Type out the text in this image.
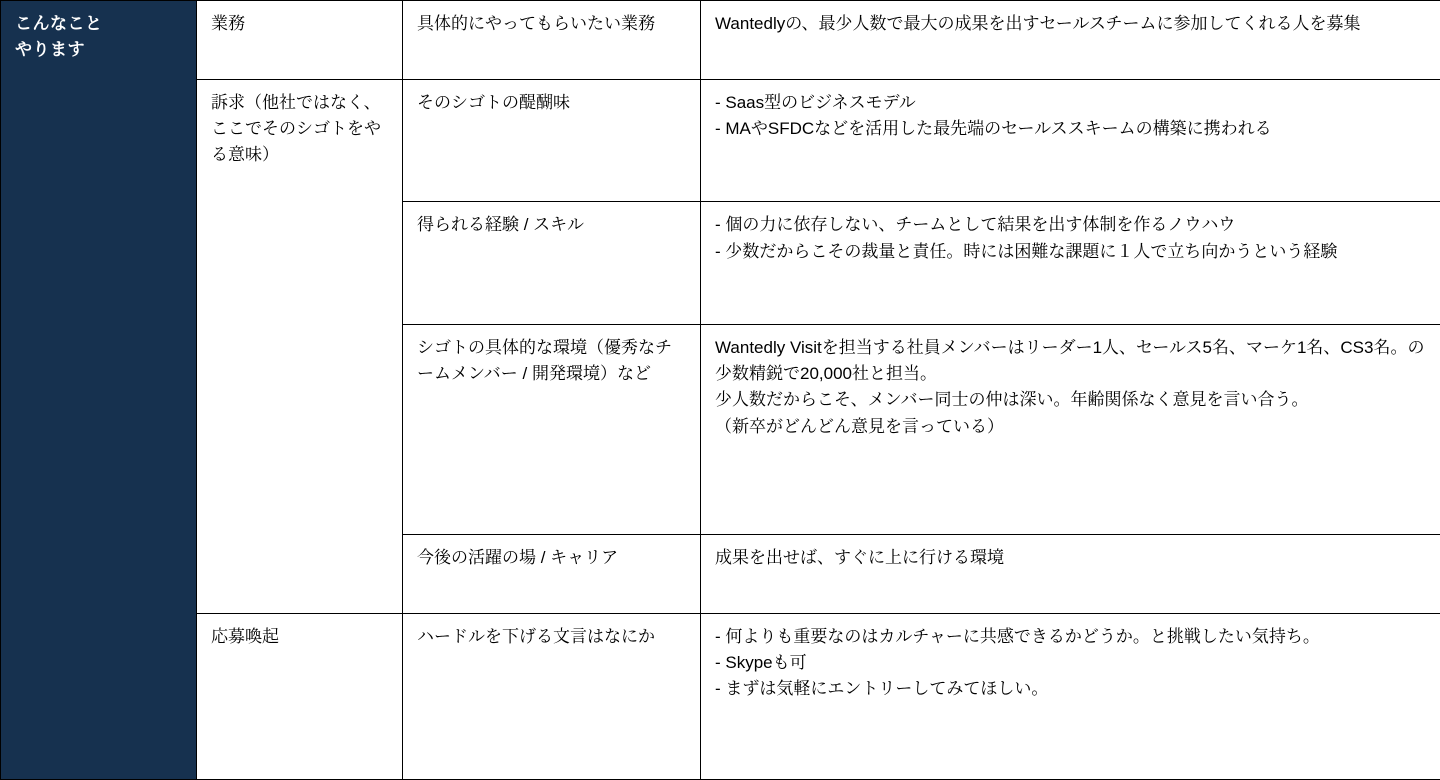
こんなこと
やります	業務	具体的にやってもらいたい業務	Wantedlyの、最少人数で最大の成果を出すセールスチームに参加してくれる人を募集

	訴求（他社ではなく、ここでそのシゴトをやる意味）	そのシゴトの醍醐味	- Saas型のビジネスモデル
- MAやSFDCなどを活用した最先端のセールススキームの構築に携われる

		得られる経験 / スキル	- 個の力に依存しない、チームとして結果を出す体制を作るノウハウ
- 少数だからこその裁量と責任。時には困難な課題に１人で立ち向かうという経験

		シゴトの具体的な環境（優秀なチームメンバー / 開発環境）など	Wantedly Visitを担当する社員メンバーはリーダー1人、セールス5名、マーケ1名、CS3名。の少数精鋭で20,000社と担当。
少人数だからこそ、メンバー同士の仲は深い。年齢関係なく意見を言い合う。
（新卒がどんどん意見を言っている）

		今後の活躍の場 / キャリア	成果を出せば、すぐに上に行ける環境

	応募喚起	ハードルを下げる文言はなにか	- 何よりも重要なのはカルチャーに共感できるかどうか。と挑戦したい気持ち。
- Skypeも可
- まずは気軽にエントリーしてみてほしい。
